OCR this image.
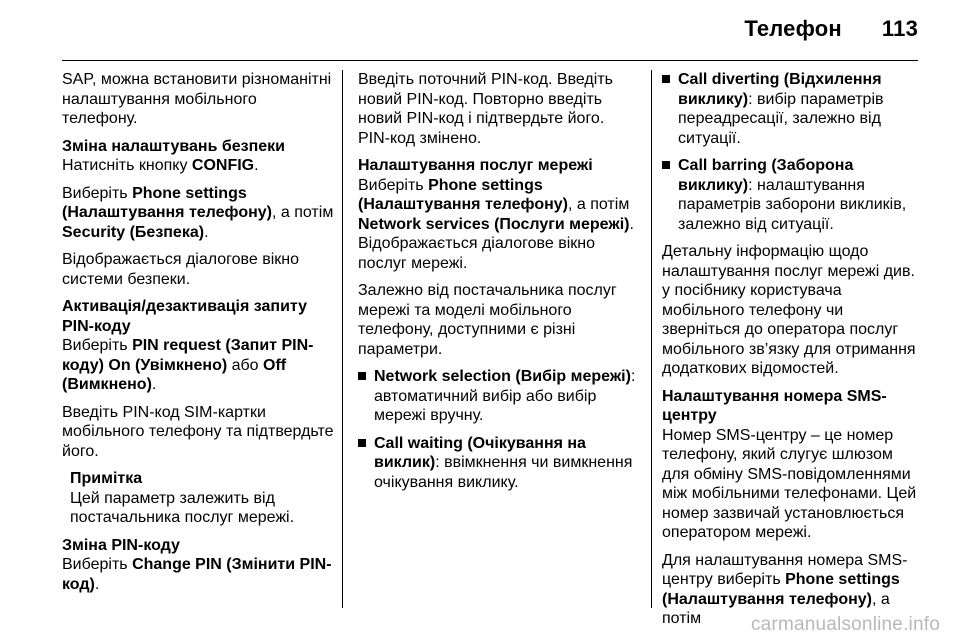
Телефон 113

SAP, можна встановити різноманітні налаштування мобільного телефону.

Зміна налаштувань безпеки
Натисніть кнопку CONFIG.

Виберіть Phone settings (Налаштування телефону), а потім Security (Безпека).

Відображається діалогове вікно системи безпеки.

Активація/дезактивація запиту PIN-коду
Виберіть PIN request (Запит PIN-коду) On (Увімкнено) або Off (Вимкнено).

Введіть PIN-код SIM-картки мобільного телефону та підтвердьте його.

Примітка
Цей параметр залежить від постачальника послуг мережі.

Зміна PIN-коду
Виберіть Change PIN (Змінити PIN-код).

Введіть поточний PIN-код. Введіть новий PIN-код. Повторно введіть новий PIN-код і підтвердьте його. PIN-код змінено.

Налаштування послуг мережі
Виберіть Phone settings (Налаштування телефону), а потім Network services (Послуги мережі).
Відображається діалогове вікно послуг мережі.

Залежно від постачальника послуг мережі та моделі мобільного телефону, доступними є різні параметри.

Network selection (Вибір мережі): автоматичний вибір або вибір мережі вручну.
Call waiting (Очікування на виклик): ввімкнення чи вимкнення очікування виклику.
Call diverting (Відхилення виклику): вибір параметрів переадресації, залежно від ситуації.
Call barring (Заборона виклику): налаштування параметрів заборони викликів, залежно від ситуації.

Детальну інформацію щодо налаштування послуг мережі див. у посібнику користувача мобільного телефону чи зверніться до оператора послуг мобільного зв’язку для отримання додаткових відомостей.

Налаштування номера SMS-центру
Номер SMS-центру – це номер телефону, який слугує шлюзом для обміну SMS-повідомленнями між мобільними телефонами. Цей номер зазвичай установлюється оператором мережі.

Для налаштування номера SMS-центру виберіть Phone settings (Налаштування телефону), а потім	carmanualsonline.info
